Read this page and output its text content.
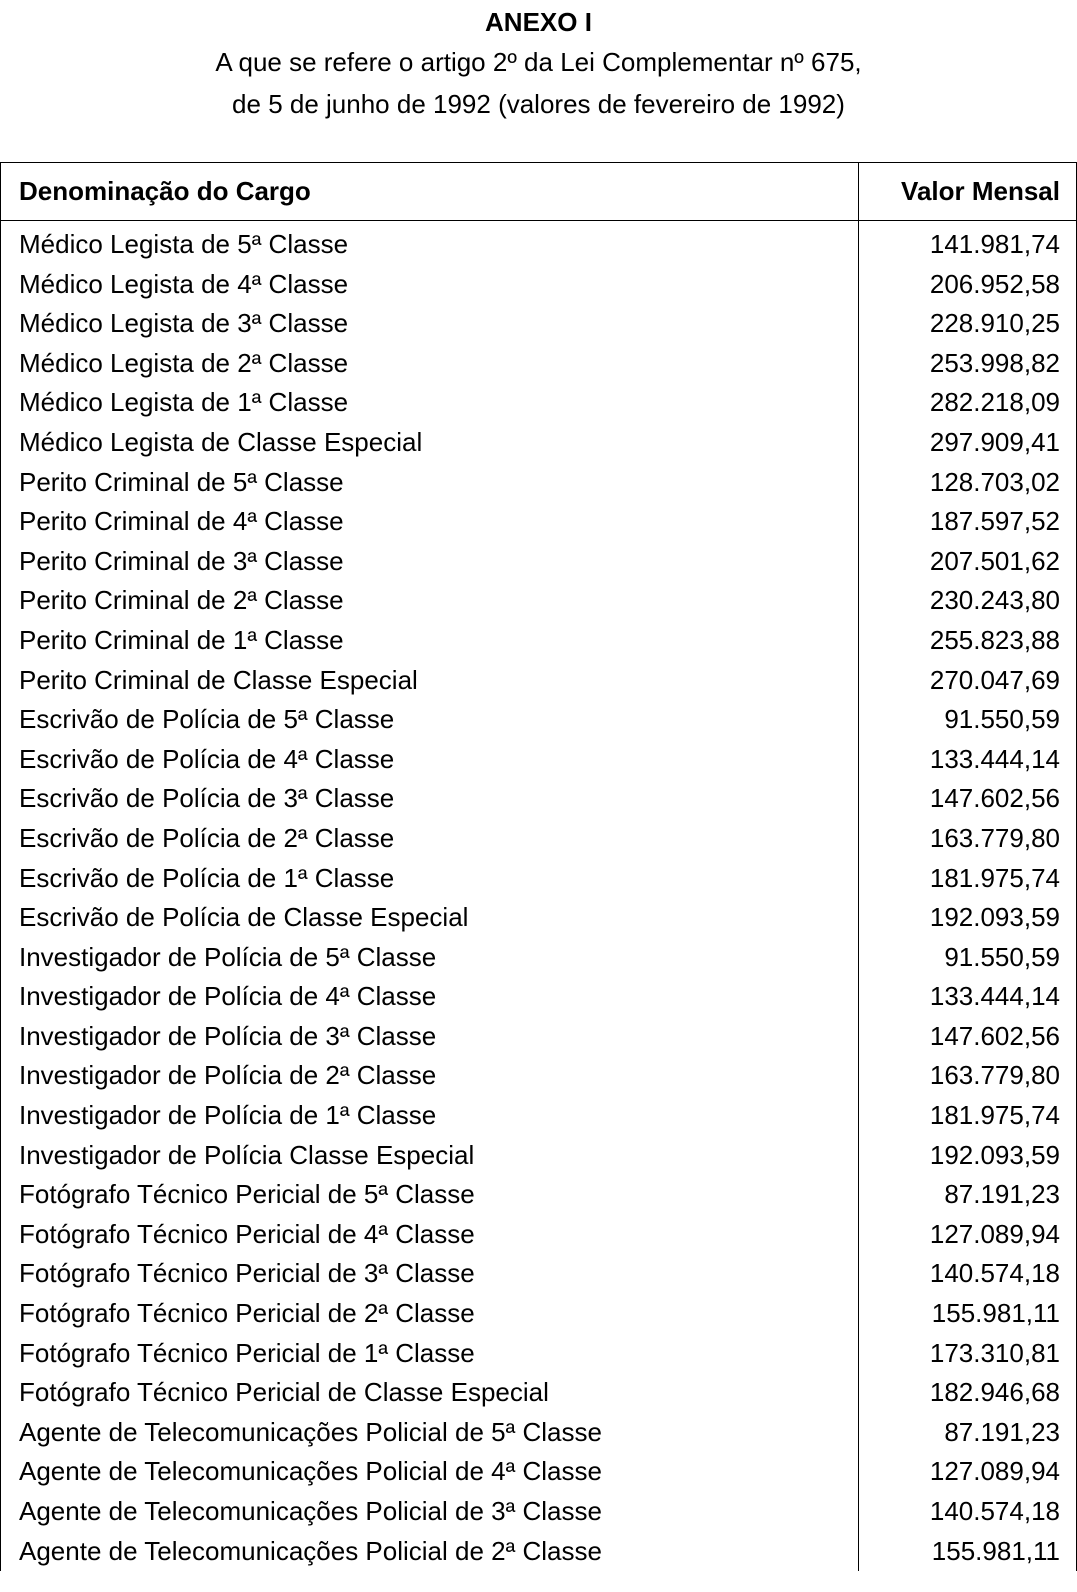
ANEXO I
A que se refere o artigo 2º da Lei Complementar nº 675,
de 5 de junho de 1992 (valores de fevereiro de 1992)
Denominação do Cargo	Valor Mensal
Médico Legista de 5ª Classe	141.981,74
Médico Legista de 4ª Classe	206.952,58
Médico Legista de 3ª Classe	228.910,25
Médico Legista de 2ª Classe	253.998,82
Médico Legista de 1ª Classe	282.218,09
Médico Legista de Classe Especial	297.909,41
Perito Criminal de 5ª Classe	128.703,02
Perito Criminal de 4ª Classe	187.597,52
Perito Criminal de 3ª Classe	207.501,62
Perito Criminal de 2ª Classe	230.243,80
Perito Criminal de 1ª Classe	255.823,88
Perito Criminal de Classe Especial	270.047,69
Escrivão de Polícia de 5ª Classe	91.550,59
Escrivão de Polícia de 4ª Classe	133.444,14
Escrivão de Polícia de 3ª Classe	147.602,56
Escrivão de Polícia de 2ª Classe	163.779,80
Escrivão de Polícia de 1ª Classe	181.975,74
Escrivão de Polícia de Classe Especial	192.093,59
Investigador de Polícia de 5ª Classe	91.550,59
Investigador de Polícia de 4ª Classe	133.444,14
Investigador de Polícia de 3ª Classe	147.602,56
Investigador de Polícia de 2ª Classe	163.779,80
Investigador de Polícia de 1ª Classe	181.975,74
Investigador de Polícia Classe Especial	192.093,59
Fotógrafo Técnico Pericial de 5ª Classe	87.191,23
Fotógrafo Técnico Pericial de 4ª Classe	127.089,94
Fotógrafo Técnico Pericial de 3ª Classe	140.574,18
Fotógrafo Técnico Pericial de 2ª Classe	155.981,11
Fotógrafo Técnico Pericial de 1ª Classe	173.310,81
Fotógrafo Técnico Pericial de Classe Especial	182.946,68
Agente de Telecomunicações Policial de 5ª Classe	87.191,23
Agente de Telecomunicações Policial de 4ª Classe	127.089,94
Agente de Telecomunicações Policial de 3ª Classe	140.574,18
Agente de Telecomunicações Policial de 2ª Classe	155.981,11
